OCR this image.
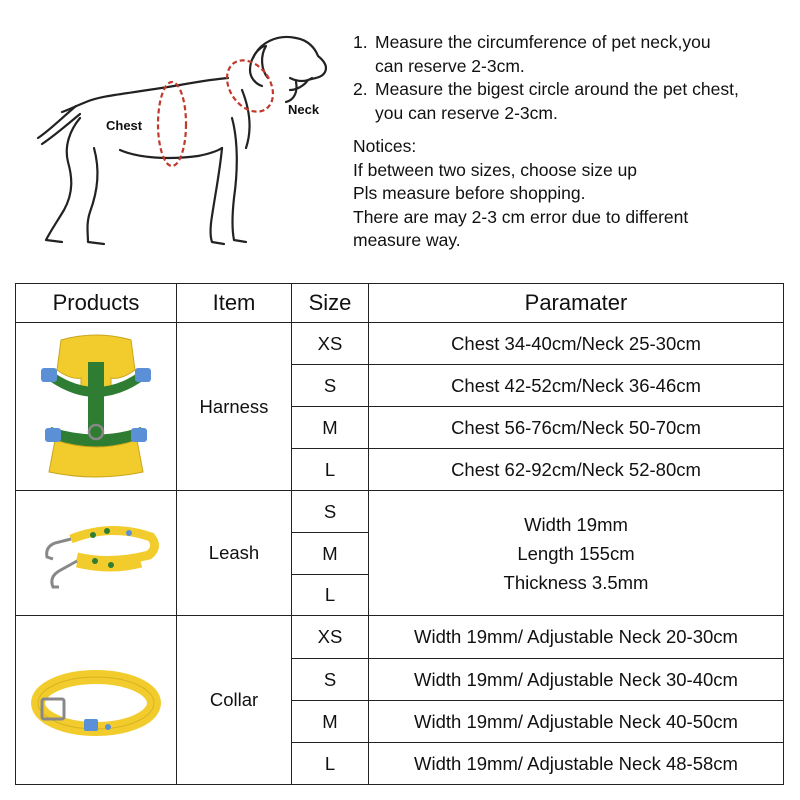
Chest
Neck
1. Measure the circumference of pet neck,you
can reserve 2-3cm.
2. Measure the bigest circle around the pet chest,
you can reserve 2-3cm.
Notices:
If between two sizes, choose size up
Pls measure before shopping.
There are may 2-3 cm error due to different
measure way.
Products	Item	Size	Paramater

	Harness	XS	Chest 34-40cm/Neck 25-30cm
		S	Chest 42-52cm/Neck 36-46cm
		M	Chest 56-76cm/Neck 50-70cm
		L	Chest 62-92cm/Neck 52-80cm

	Leash	S	Width 19mm
Length 155cm
Thickness 3.5mm

		M	
		L	

	Collar	XS	Width 19mm/ Adjustable Neck 20-30cm
		S	Width 19mm/ Adjustable Neck 30-40cm
		M	Width 19mm/ Adjustable Neck 40-50cm
		L	Width 19mm/ Adjustable Neck 48-58cm
